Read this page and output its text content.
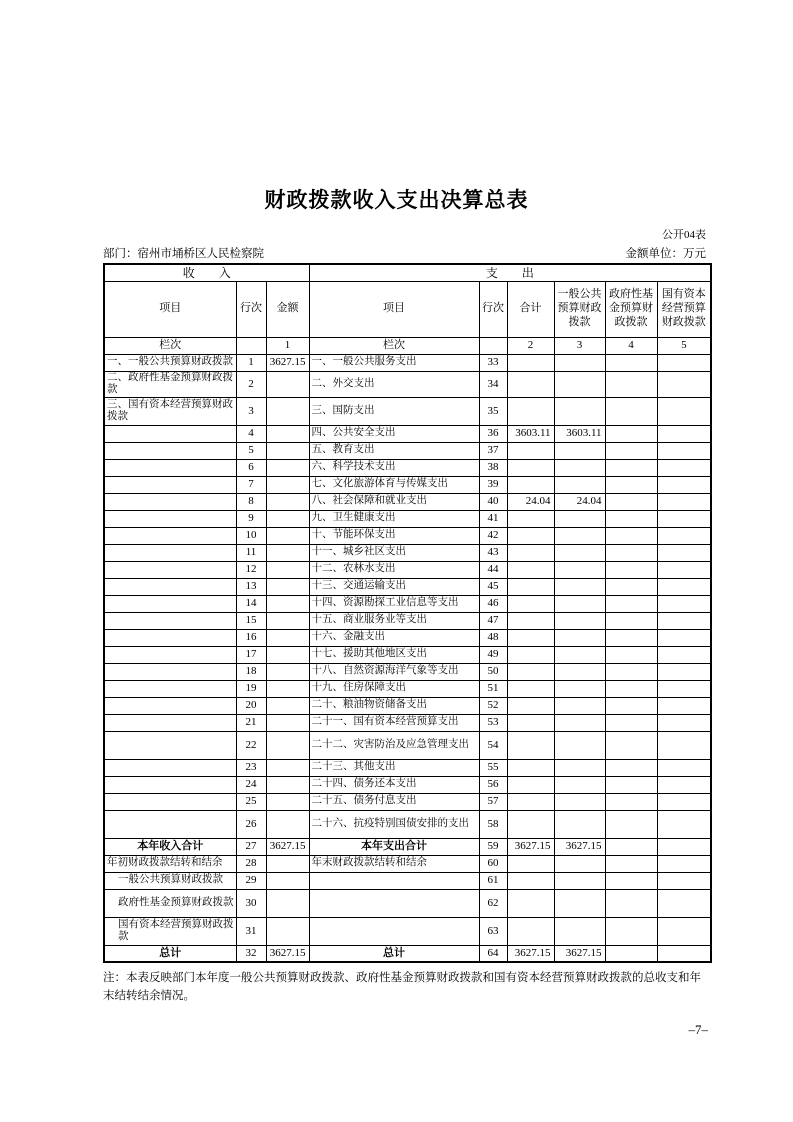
财政拨款收入支出决算总表
公开04表
部门：宿州市埇桥区人民检察院	金额单位：万元
收　　入			支　　出					
项目	行次	金额	项目	行次	合计	一般公共预算财政拨款	政府性基金预算财政拨款	国有资本经营预算财政拨款
栏次		1	栏次		2	3	4	5
一、一般公共预算财政拨款	1	3627.15	一、一般公共服务支出	33				
二、政府性基金预算财政拨款	2		二、外交支出	34				
三、国有资本经营预算财政拨款	3		三、国防支出	35				
	4		四、公共安全支出	36	3603.11	3603.11		
	5		五、教育支出	37				
	6		六、科学技术支出	38				
	7		七、文化旅游体育与传媒支出	39				
	8		八、社会保障和就业支出	40	24.04	24.04		
	9		九、卫生健康支出	41				
	10		十、节能环保支出	42				
	11		十一、城乡社区支出	43				
	12		十二、农林水支出	44				
	13		十三、交通运输支出	45				
	14		十四、资源勘探工业信息等支出	46				
	15		十五、商业服务业等支出	47				
	16		十六、金融支出	48				
	17		十七、援助其他地区支出	49				
	18		十八、自然资源海洋气象等支出	50				
	19		十九、住房保障支出	51				
	20		二十、粮油物资储备支出	52				
	21		二十一、国有资本经营预算支出	53				
	22		二十二、灾害防治及应急管理支出	54				
	23		二十三、其他支出	55				
	24		二十四、债务还本支出	56				
	25		二十五、债务付息支出	57				
	26		二十六、抗疫特别国债安排的支出	58				
本年收入合计	27	3627.15	本年支出合计	59	3627.15	3627.15		
年初财政拨款结转和结余	28		年末财政拨款结转和结余	60				
一般公共预算财政拨款	29			61				
政府性基金预算财政拨款	30			62				
国有资本经营预算财政拨款	31			63				
总计	32	3627.15	总计	64	3627.15	3627.15		
注：本表反映部门本年度一般公共预算财政拨款、政府性基金预算财政拨款和国有资本经营预算财政拨款的总收支和年末结转结余情况。
–7–
